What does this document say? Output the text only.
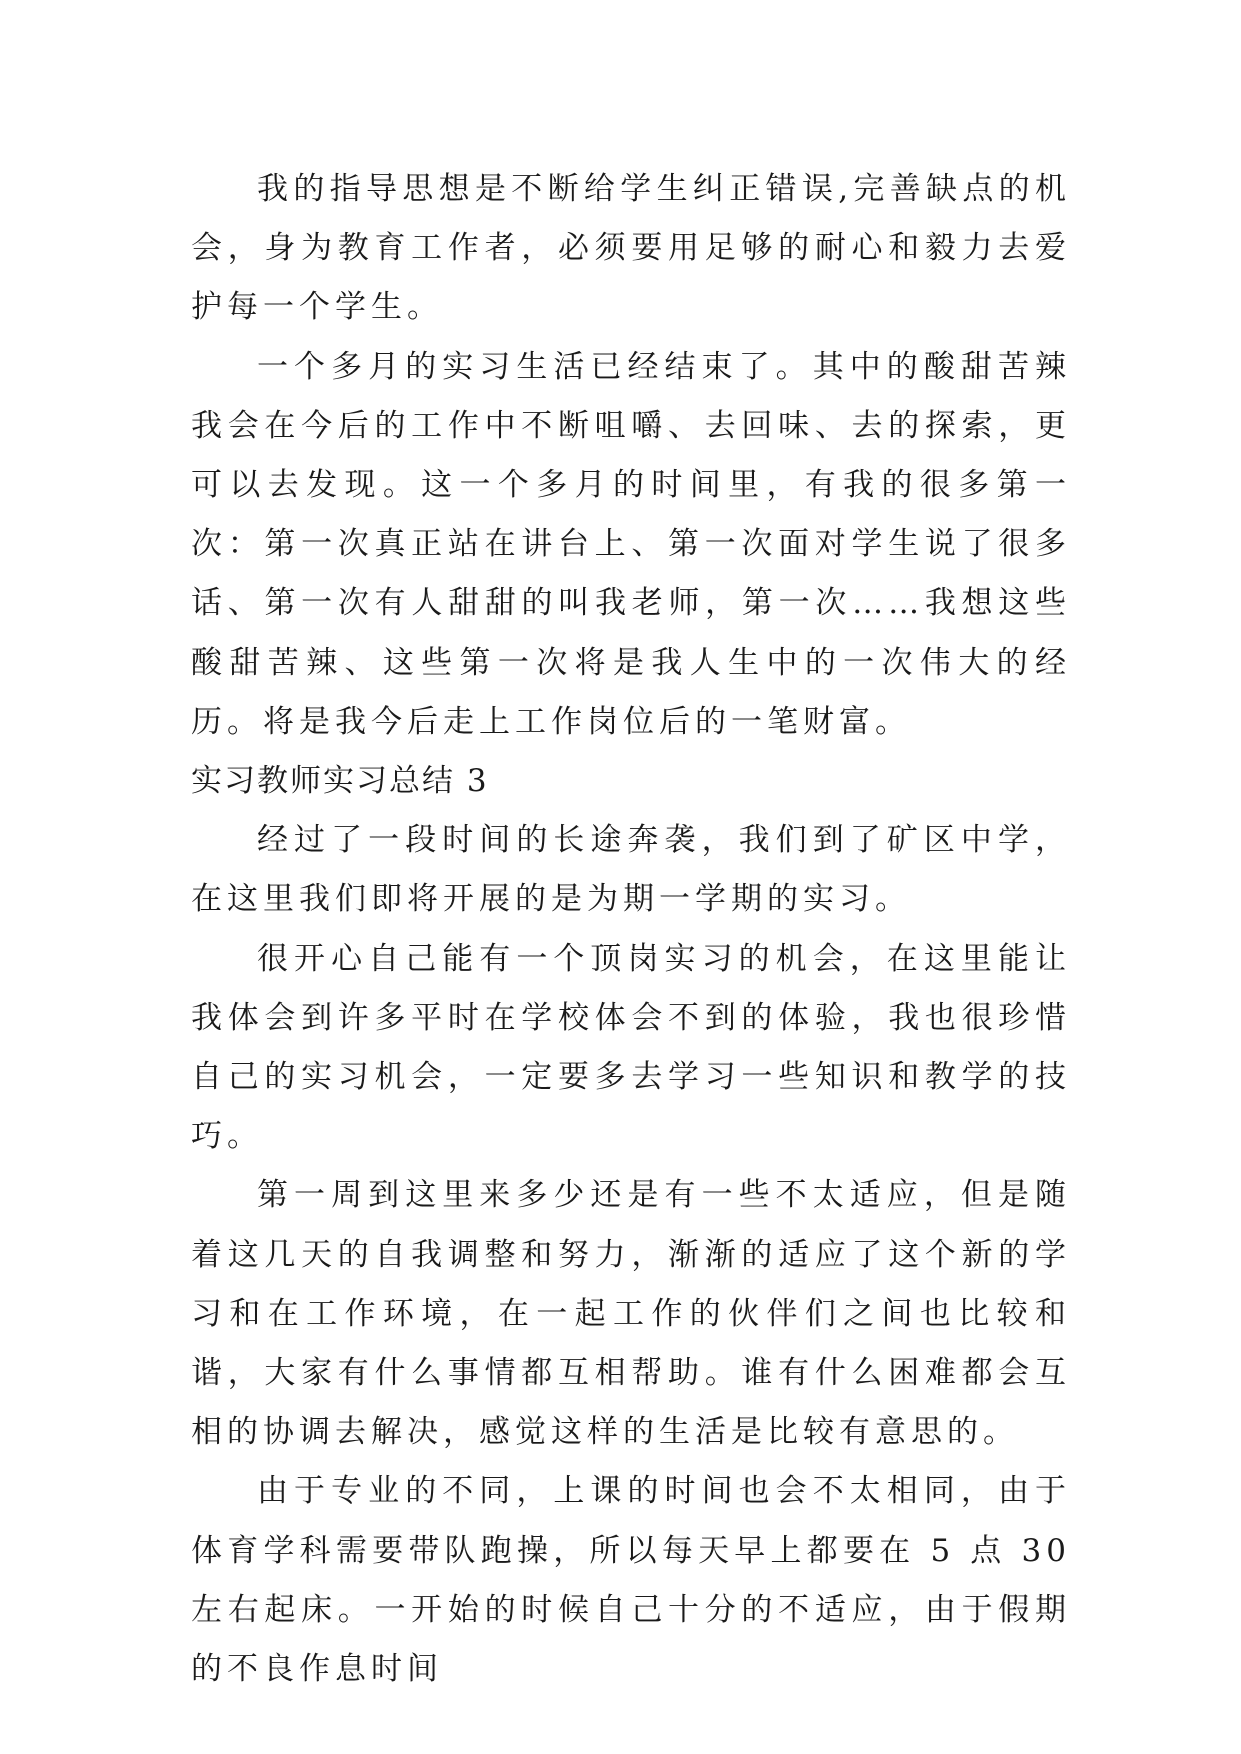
我的指导思想是不断给学生纠正错误,完善缺点的机会，身为教育工作者，必须要用足够的耐心和毅力去爱护每一个学生。

一个多月的实习生活已经结束了。其中的酸甜苦辣我会在今后的工作中不断咀嚼、去回味、去的探索，更可以去发现。这一个多月的时间里，有我的很多第一次：第一次真正站在讲台上、第一次面对学生说了很多话、第一次有人甜甜的叫我老师，第一次……我想这些酸甜苦辣、这些第一次将是我人生中的一次伟大的经历。将是我今后走上工作岗位后的一笔财富。

实习教师实习总结 3

经过了一段时间的长途奔袭，我们到了矿区中学，在这里我们即将开展的是为期一学期的实习。

很开心自己能有一个顶岗实习的机会，在这里能让我体会到许多平时在学校体会不到的体验，我也很珍惜自己的实习机会，一定要多去学习一些知识和教学的技巧。

第一周到这里来多少还是有一些不太适应，但是随着这几天的自我调整和努力，渐渐的适应了这个新的学习和在工作环境，在一起工作的伙伴们之间也比较和谐，大家有什么事情都互相帮助。谁有什么困难都会互相的协调去解决，感觉这样的生活是比较有意思的。

由于专业的不同，上课的时间也会不太相同，由于体育学科需要带队跑操，所以每天早上都要在 5 点 30 左右起床。一开始的时候自己十分的不适应，由于假期的不良作息时间
